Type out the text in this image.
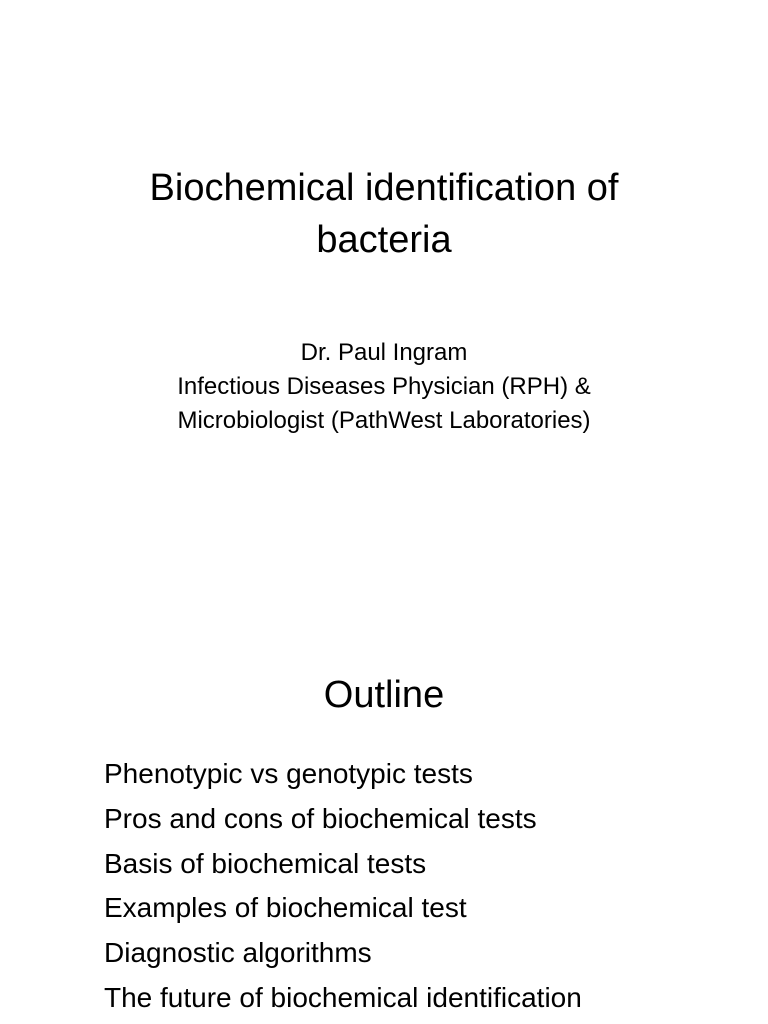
Biochemical identification of
bacteria
Dr. Paul Ingram
Infectious Diseases Physician (RPH) &
Microbiologist (PathWest Laboratories)
Outline
Phenotypic vs genotypic tests
Pros and cons of biochemical tests
Basis of biochemical tests
Examples of biochemical test
Diagnostic algorithms
The future of biochemical identification
